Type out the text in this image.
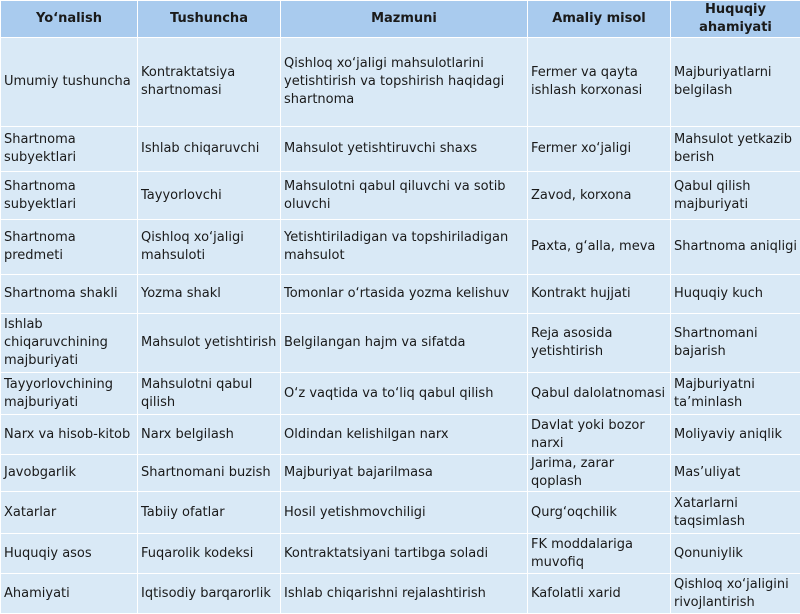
Yo‘nalish	Tushuncha	Mazmuni	Amaliy misol	Huquqiy ahamiyati
Umumiy tushuncha	Kontraktatsiya shartnomasi	Qishloq xo‘jaligi mahsulotlarini yetishtirish va topshirish haqidagi shartnoma	Fermer va qayta ishlash korxonasi	Majburiyatlarni belgilash
Shartnoma subyektlari	Ishlab chiqaruvchi	Mahsulot yetishtiruvchi shaxs	Fermer xo‘jaligi	Mahsulot yetkazib berish
Shartnoma subyektlari	Tayyorlovchi	Mahsulotni qabul qiluvchi va sotib oluvchi	Zavod, korxona	Qabul qilish majburiyati
Shartnoma predmeti	Qishloq xo‘jaligi mahsuloti	Yetishtiriladigan va topshiriladigan mahsulot	Paxta, g‘alla, meva	Shartnoma aniqligi
Shartnoma shakli	Yozma shakl	Tomonlar o‘rtasida yozma kelishuv	Kontrakt hujjati	Huquqiy kuch
Ishlab chiqaruvchining majburiyati	Mahsulot yetishtirish	Belgilangan hajm va sifatda	Reja asosida yetishtirish	Shartnomani bajarish
Tayyorlovchining majburiyati	Mahsulotni qabul qilish	O‘z vaqtida va to‘liq qabul qilish	Qabul dalolatnomasi	Majburiyatni ta’minlash
Narx va hisob-kitob	Narx belgilash	Oldindan kelishilgan narx	Davlat yoki bozor narxi	Moliyaviy aniqlik
Javobgarlik	Shartnomani buzish	Majburiyat bajarilmasa	Jarima, zarar qoplash	Mas’uliyat
Xatarlar	Tabiiy ofatlar	Hosil yetishmovchiligi	Qurg‘oqchilik	Xatarlarni taqsimlash
Huquqiy asos	Fuqarolik kodeksi	Kontraktatsiyani tartibga soladi	FK moddalariga muvofiq	Qonuniylik
Ahamiyati	Iqtisodiy barqarorlik	Ishlab chiqarishni rejalashtirish	Kafolatli xarid	Qishloq xo‘jaligini rivojlantirish
